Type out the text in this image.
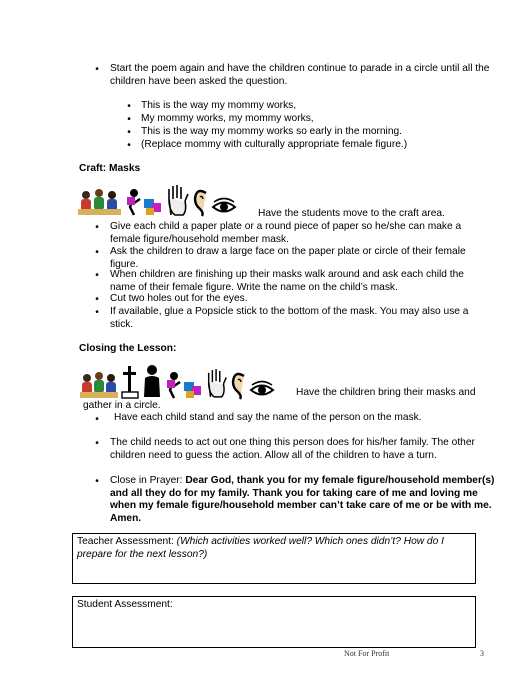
• Start the poem again and have the children continue to parade in a circle until all the children have been asked the question.
• This is the way my mommy works,
• My mommy works, my mommy works,
• This is the way my mommy works so early in the morning.
• (Replace mommy with culturally appropriate female figure.)
Craft: Masks
Have the students move to the craft area.
• Give each child a paper plate or a round piece of paper so he/she can make a female figure/household member mask.
• Ask the children to draw a large face on the paper plate or circle of their female figure.
• When children are finishing up their masks walk around and ask each child the name of their female figure. Write the name on the child’s mask.
• Cut two holes out for the eyes.
• If available, glue a Popsicle stick to the bottom of the mask. You may also use a stick.
Closing the Lesson:
Have the children bring their masks and
gather in a circle.
• Have each child stand and say the name of the person on the mask.
• The child needs to act out one thing this person does for his/her family. The other children need to guess the action. Allow all of the children to have a turn.
• Close in Prayer: Dear God, thank you for my female figure/household member(s) and all they do for my family. Thank you for taking care of me and loving me when my female figure/household member can’t take care of me or be with me. Amen.
Teacher Assessment: (Which activities worked well? Which ones didn’t? How do I prepare for the next lesson?)
Student Assessment:
Not For Profit	3
